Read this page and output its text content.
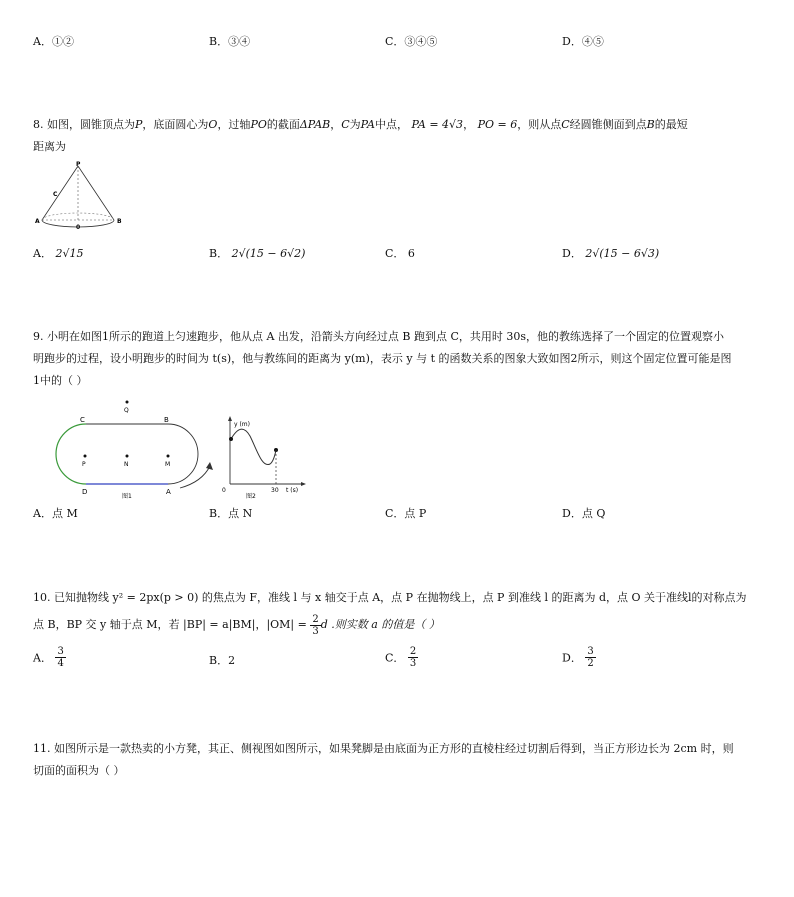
A．①②	B．③④	C．③④⑤	D．④⑤
8. 如图，圆锥顶点为P，底面圆心为O，过轴PO的截面ΔPAB，C为PA中点， PA = 4√3， PO = 6，则从点C经圆锥侧面到点B的最短
距离为
P
C
A
0
B
A． 2√15	B． 2√(15 − 6√2)	C． 6	D． 2√(15 − 6√3)
9. 小明在如图1所示的跑道上匀速跑步，他从点 A 出发，沿箭头方向经过点 B 跑到点 C，共用时 30s，他的教练选择了一个固定的位置观察小
明跑步的过程，设小明跑步的时间为 t(s)，他与教练间的距离为 y(m)，表示 y 与 t 的函数关系的图象大致如图2所示，则这个固定位置可能是图
1中的（ ）
Q
C	B
P	N	M
D	A
图1
y (m)
0	30 t (s)
图2
A．点 M	B．点 N	C．点 P	D．点 Q
10. 已知抛物线 y² = 2px(p > 0) 的焦点为 F，准线 l 与 x 轴交于点 A，点 P 在抛物线上，点 P 到准线 l 的距离为 d，点 O 关于准线l的对称点为
点 B，BP 交 y 轴于点 M，若 |BP| = a|BM|，$|OM| = \frac{2}{3}$ d .则实数 a 的值是（ ）
A． $\frac{3}{4}$	B．2	C． $\frac{2}{3}$	D． $\frac{3}{2}$
11. 如图所示是一款热卖的小方凳，其正、侧视图如图所示，如果凳脚是由底面为正方形的直棱柱经过切割后得到，当正方形边长为 2cm 时，则
切面的面积为（ ）
